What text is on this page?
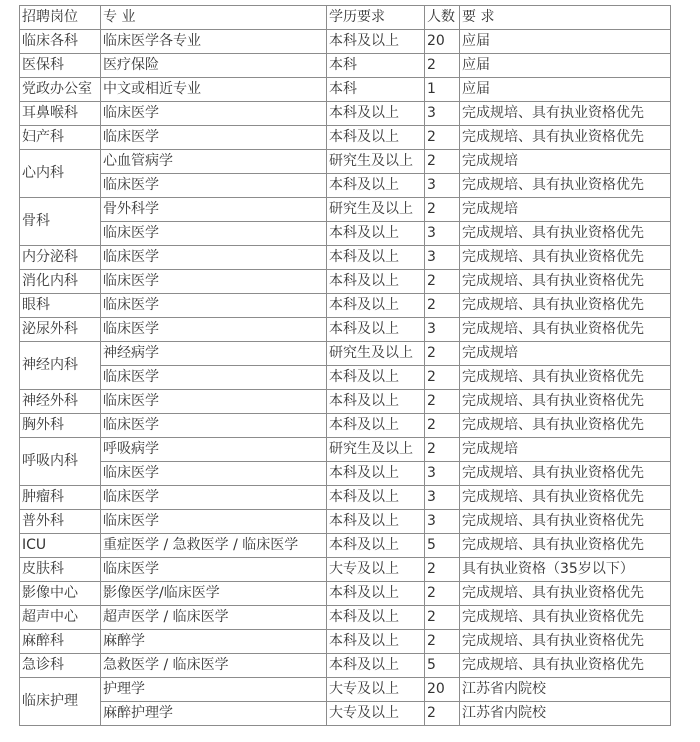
招聘岗位	专 业	学历要求	人数	要 求
临床各科	临床医学各专业	本科及以上	20	应届
医保科	医疗保险	本科	2	应届
党政办公室	中文或相近专业	本科	1	应届
耳鼻喉科	临床医学	本科及以上	3	完成规培、具有执业资格优先
妇产科	临床医学	本科及以上	2	完成规培、具有执业资格优先
心内科	心血管病学	研究生及以上	2	完成规培
	临床医学	本科及以上	3	完成规培、具有执业资格优先
骨科	骨外科学	研究生及以上	2	完成规培
	临床医学	本科及以上	3	完成规培、具有执业资格优先
内分泌科	临床医学	本科及以上	3	完成规培、具有执业资格优先
消化内科	临床医学	本科及以上	2	完成规培、具有执业资格优先
眼科	临床医学	本科及以上	2	完成规培、具有执业资格优先
泌尿外科	临床医学	本科及以上	3	完成规培、具有执业资格优先
神经内科	神经病学	研究生及以上	2	完成规培
	临床医学	本科及以上	2	完成规培、具有执业资格优先
神经外科	临床医学	本科及以上	2	完成规培、具有执业资格优先
胸外科	临床医学	本科及以上	2	完成规培、具有执业资格优先
呼吸内科	呼吸病学	研究生及以上	2	完成规培
	临床医学	本科及以上	3	完成规培、具有执业资格优先
肿瘤科	临床医学	本科及以上	3	完成规培、具有执业资格优先
普外科	临床医学	本科及以上	3	完成规培、具有执业资格优先
ICU	重症医学 / 急救医学 / 临床医学	本科及以上	5	完成规培、具有执业资格优先
皮肤科	临床医学	大专及以上	2	具有执业资格（35岁以下）
影像中心	影像医学/临床医学	本科及以上	2	完成规培、具有执业资格优先
超声中心	超声医学 / 临床医学	本科及以上	2	完成规培、具有执业资格优先
麻醉科	麻醉学	本科及以上	2	完成规培、具有执业资格优先
急诊科	急救医学 / 临床医学	本科及以上	5	完成规培、具有执业资格优先
临床护理	护理学	大专及以上	20	江苏省内院校
	麻醉护理学	大专及以上	2	江苏省内院校
